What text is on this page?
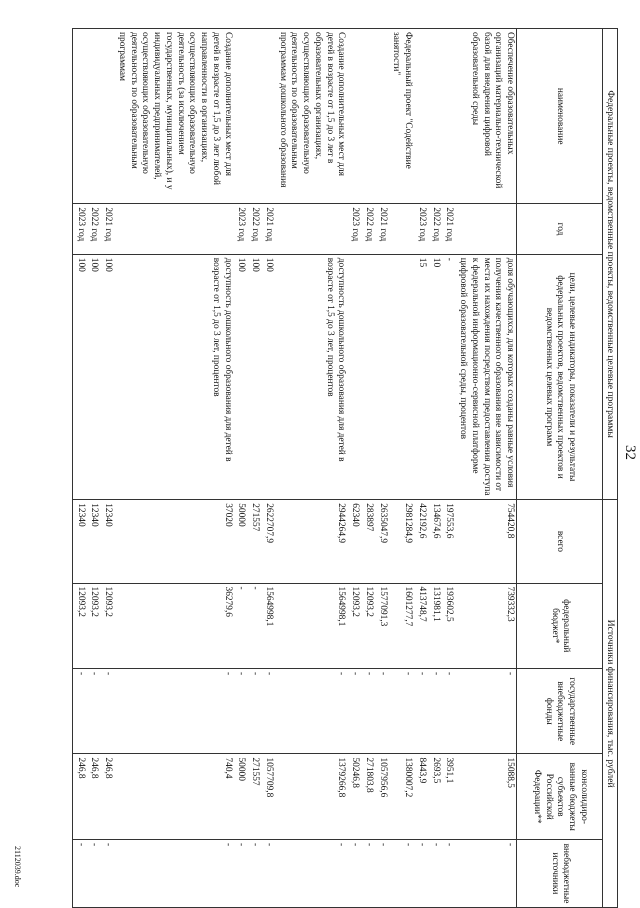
32
Федеральные проекты, ведомственные проекты, ведомственные целевые программы			Источники финансирования, тыс. рублей				
наименование	год	цели, целевые индикаторы, показатели и результаты федеральных проектов, ведомственных проектов и ведомственных целевых программ	всего	федеральный бюджет*	государственные внебюджетные фонды	консолидированные бюджеты субъектов Российской Федерации**	внебюджетные источники
Обеспечение образовательных организаций материально-технической базой для внедрения цифровой образовательной среды		доля обучающихся, для которых созданы равные условия получения качественного образования вне зависимости от места их нахождения посредством предоставления доступа к федеральной информационно-сервисной платформе цифровой образовательной среды, процентов	754420,8	739332,3	-	15088,5	-
	2021 год	-	197553,6	193602,5	-	3951,1	-
	2022 год	10	134674,6	131981,1	-	2693,5	-
	2023 год	15	422192,6	413748,7	-	8443,9	-
Федеральный проект "Содействие занятости"			2981284,9	1601277,7	-	1380007,2	-
	2021 год		2635047,9	1577091,3	-	1057956,6	-
	2022 год		283897	12093,2	-	271803,8	-
	2023 год		62340	12093,2	-	50246,8	-
Создание дополнительных мест для детей в возрасте от 1,5 до 3 лет в образовательных организациях, осуществляющих образовательную деятельность по образовательным программам дошкольного образования		доступность дошкольного образования для детей в возрасте от 1,5 до 3 лет, процентов	2944264,9	1564998,1	-	1379266,8	-
	2021 год	100	2622707,9	1564998,1	-	1057709,8	-
	2022 год	100	271557	-	-	271557	-
	2023 год	100	50000	-	-	50000	-
Создание дополнительных мест для детей в возрасте от 1,5 до 3 лет любой направленности в организациях, осуществляющих образовательную деятельность (за исключением государственных, муниципальных), и у индивидуальных предпринимателей, осуществляющих образовательную деятельность по образовательным программам		доступность дошкольного образования для детей в возрасте от 1,5 до 3 лет, процентов	37020	36279,6	-	740,4	-
	2021 год	100	12340	12093,2	-	246,8	-
	2022 год	100	12340	12093,2	-	246,8	-
	2023 год	100	12340	12093,2	-	246,8	-
2112039.doc
